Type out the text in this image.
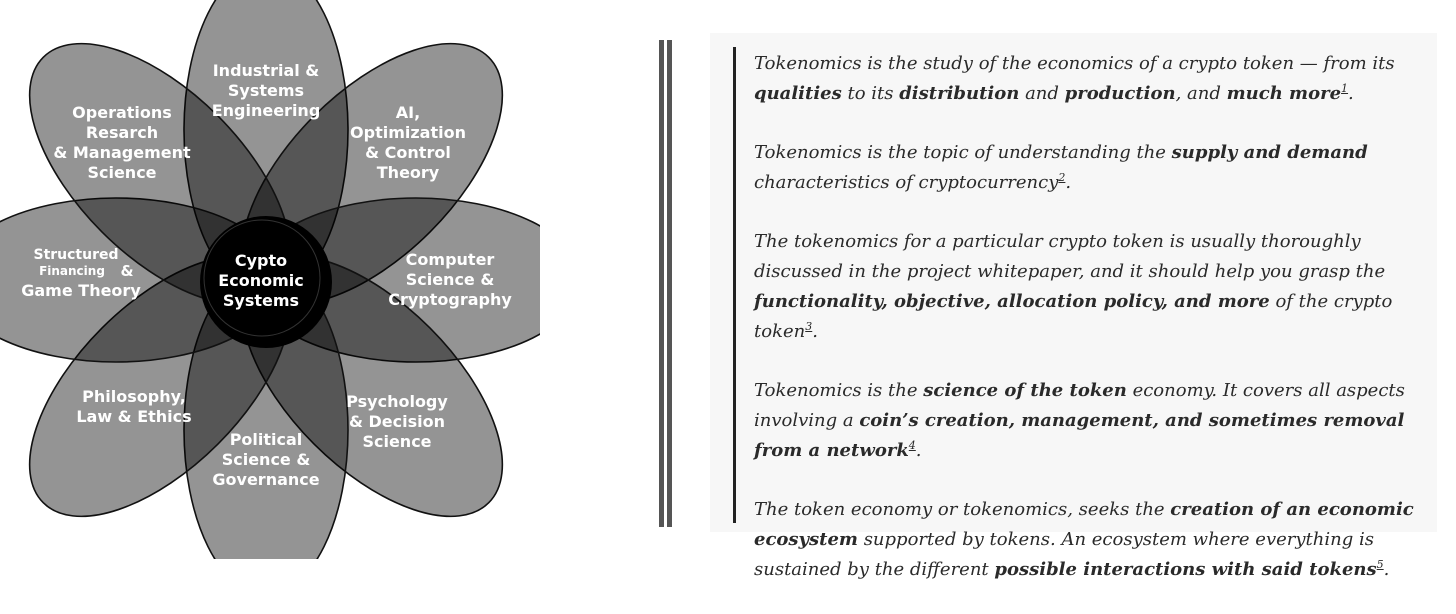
Industrial & Systems Engineering	AI, Optimization & Control Theory
Computer Science & Cryptography
Psychology & Decision Science
Political Science & Governance
Philosophy, Law & Ethics
Structured
Financing &
Game Theory
Operations Resarch & Management Science
Cypto Economic Systems

Tokenomics is the study of the economics of a crypto token — from its qualities to its distribution and production, and much more$^1$.

Tokenomics is the topic of understanding the supply and demand characteristics of cryptocurrency$^2$.

The tokenomics for a particular crypto token is usually thoroughly discussed in the project whitepaper, and it should help you grasp the functionality, objective, allocation policy, and more of the crypto token$^3$.

Tokenomics is the science of the token economy. It covers all aspects involving a coin’s creation, management, and sometimes removal from a network$^4$.

The token economy or tokenomics, seeks the creation of an economic ecosystem supported by tokens. An ecosystem where everything is sustained by the different possible interactions with said tokens$^5$.
